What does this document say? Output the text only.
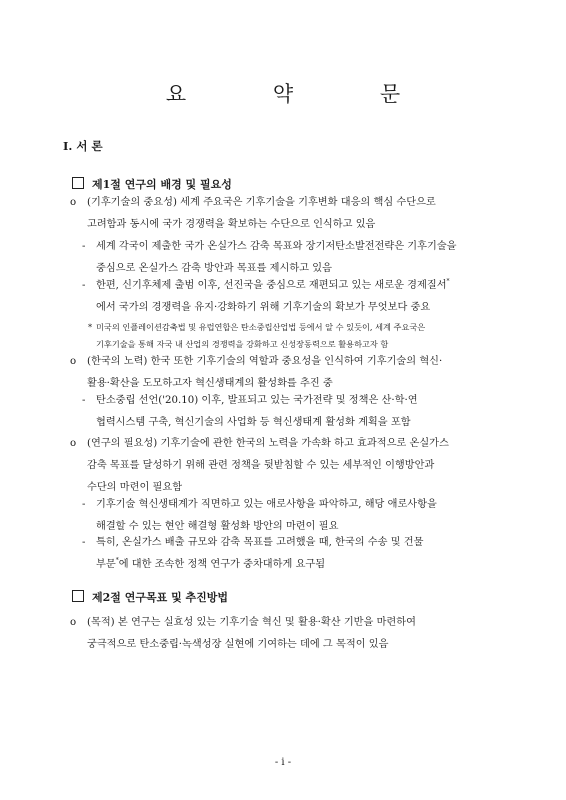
요 약 문
I. 서 론
제1절 연구의 배경 및 필요성
o (기후기술의 중요성) 세계 주요국은 기후기술을 기후변화 대응의 핵심 수단으로
고려함과 동시에 국가 경쟁력을 확보하는 수단으로 인식하고 있음
- 세계 각국이 제출한 국가 온실가스 감축 목표와 장기저탄소발전전략은 기후기술을
중심으로 온실가스 감축 방안과 목표를 제시하고 있음
- 한편, 신기후체제 출범 이후, 선진국을 중심으로 재편되고 있는 새로운 경제질서*
에서 국가의 경쟁력을 유지·강화하기 위해 기후기술의 확보가 무엇보다 중요
* 미국의 인플레이션감축법 및 유럽연합은 탄소중립산업법 등에서 알 수 있듯이, 세계 주요국은
기후기술을 통해 자국 내 산업의 경쟁력을 강화하고 신성장동력으로 활용하고자 함
o (한국의 노력) 한국 또한 기후기술의 역할과 중요성을 인식하여 기후기술의 혁신·
활용·확산을 도모하고자 혁신생태계의 활성화를 추진 중
- 탄소중립 선언('20.10) 이후, 발표되고 있는 국가전략 및 정책은 산·학·연
협력시스템 구축, 혁신기술의 사업화 등 혁신생태계 활성화 계획을 포함
o (연구의 필요성) 기후기술에 관한 한국의 노력을 가속화 하고 효과적으로 온실가스
감축 목표를 달성하기 위해 관련 정책을 뒷받침할 수 있는 세부적인 이행방안과
수단의 마련이 필요함
- 기후기술 혁신생태계가 직면하고 있는 애로사항을 파악하고, 해당 애로사항을
해결할 수 있는 현안 해결형 활성화 방안의 마련이 필요
- 특히, 온실가스 배출 규모와 감축 목표를 고려했을 때, 한국의 수송 및 건물
부문*에 대한 조속한 정책 연구가 중차대하게 요구됨
제2절 연구목표 및 추진방법
o (목적) 본 연구는 실효성 있는 기후기술 혁신 및 활용·확산 기반을 마련하여
궁극적으로 탄소중립·녹색성장 실현에 기여하는 데에 그 목적이 있음
- i -
